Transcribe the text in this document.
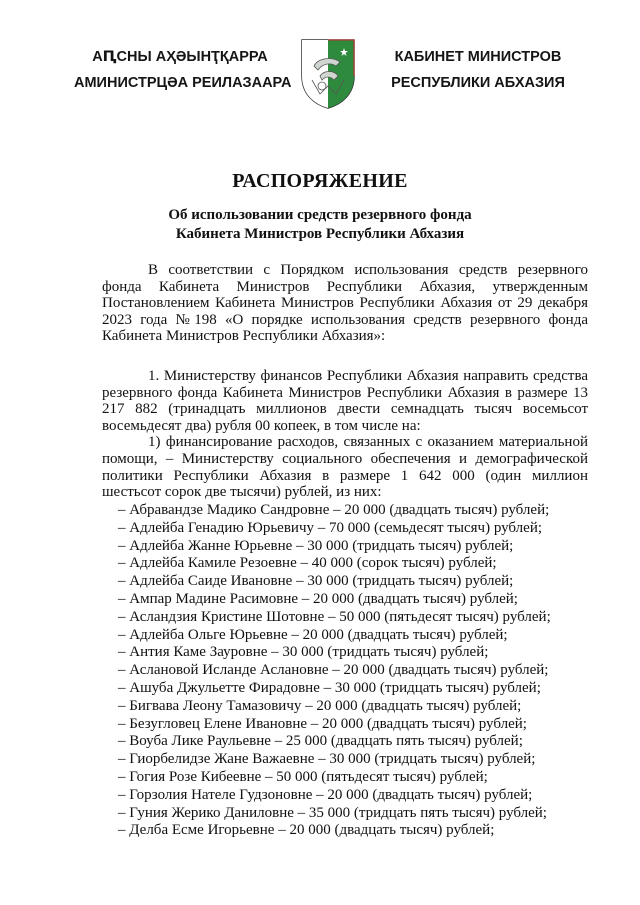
АԤСНЫ АҲӘЫНҬҚАРРА
АМИНИСТРЦӘА РЕИЛАЗААРА
КАБИНЕТ МИНИСТРОВ
РЕСПУБЛИКИ АБХАЗИЯ
РАСПОРЯЖЕНИЕ
Об использовании средств резервного фонда
Кабинета Министров Республики Абхазия

В соответствии с Порядком использования средств резервного фонда Кабинета Министров Республики Абхазия, утвержденным Постановлением Кабинета Министров Республики Абхазия от 29 декабря 2023 года №198 «О порядке использования средств резервного фонда Кабинета Министров Республики Абхазия»:

1. Министерству финансов Республики Абхазия направить средства резервного фонда Кабинета Министров Республики Абхазия в размере 13 217 882 (тринадцать миллионов двести семнадцать тысяч восемьсот восемьдесят два) рубля 00 копеек, в том числе на:

1) финансирование расходов, связанных с оказанием материальной помощи, – Министерству социального обеспечения и демографической политики Республики Абхазия в размере 1 642 000 (один миллион шестьсот сорок две тысячи) рублей, из них:

– Абравандзе Мадико Сандровне – 20 000 (двадцать тысяч) рублей;
– Адлейба Генадию Юрьевичу – 70 000 (семьдесят тысяч) рублей;
– Адлейба Жанне Юрьевне – 30 000 (тридцать тысяч) рублей;
– Адлейба Камиле Резоевне – 40 000 (сорок тысяч) рублей;
– Адлейба Саиде Ивановне – 30 000 (тридцать тысяч) рублей;
– Ампар Мадине Расимовне – 20 000 (двадцать тысяч) рублей;
– Асландзия Кристине Шотовне – 50 000 (пятьдесят тысяч) рублей;
– Адлейба Ольге Юрьевне – 20 000 (двадцать тысяч) рублей;
– Антия Каме Зауровне – 30 000 (тридцать тысяч) рублей;
– Аслановой Исланде Аслановне – 20 000 (двадцать тысяч) рублей;
– Ашуба Джульетте Фирадовне – 30 000 (тридцать тысяч) рублей;
– Бигвава Леону Тамазовичу – 20 000 (двадцать тысяч) рублей;
– Безугловец Елене Ивановне – 20 000 (двадцать тысяч) рублей;
– Воуба Лике Раульевне – 25 000 (двадцать пять тысяч) рублей;
– Гиорбелидзе Жане Важаевне – 30 000 (тридцать тысяч) рублей;
– Гогия Розе Кибеевне – 50 000 (пятьдесят тысяч) рублей;
– Горзолия Нателе Гудзоновне – 20 000 (двадцать тысяч) рублей;
– Гуния Жерико Даниловне – 35 000 (тридцать пять тысяч) рублей;
– Делба Есме Игорьевне – 20 000 (двадцать тысяч) рублей;
